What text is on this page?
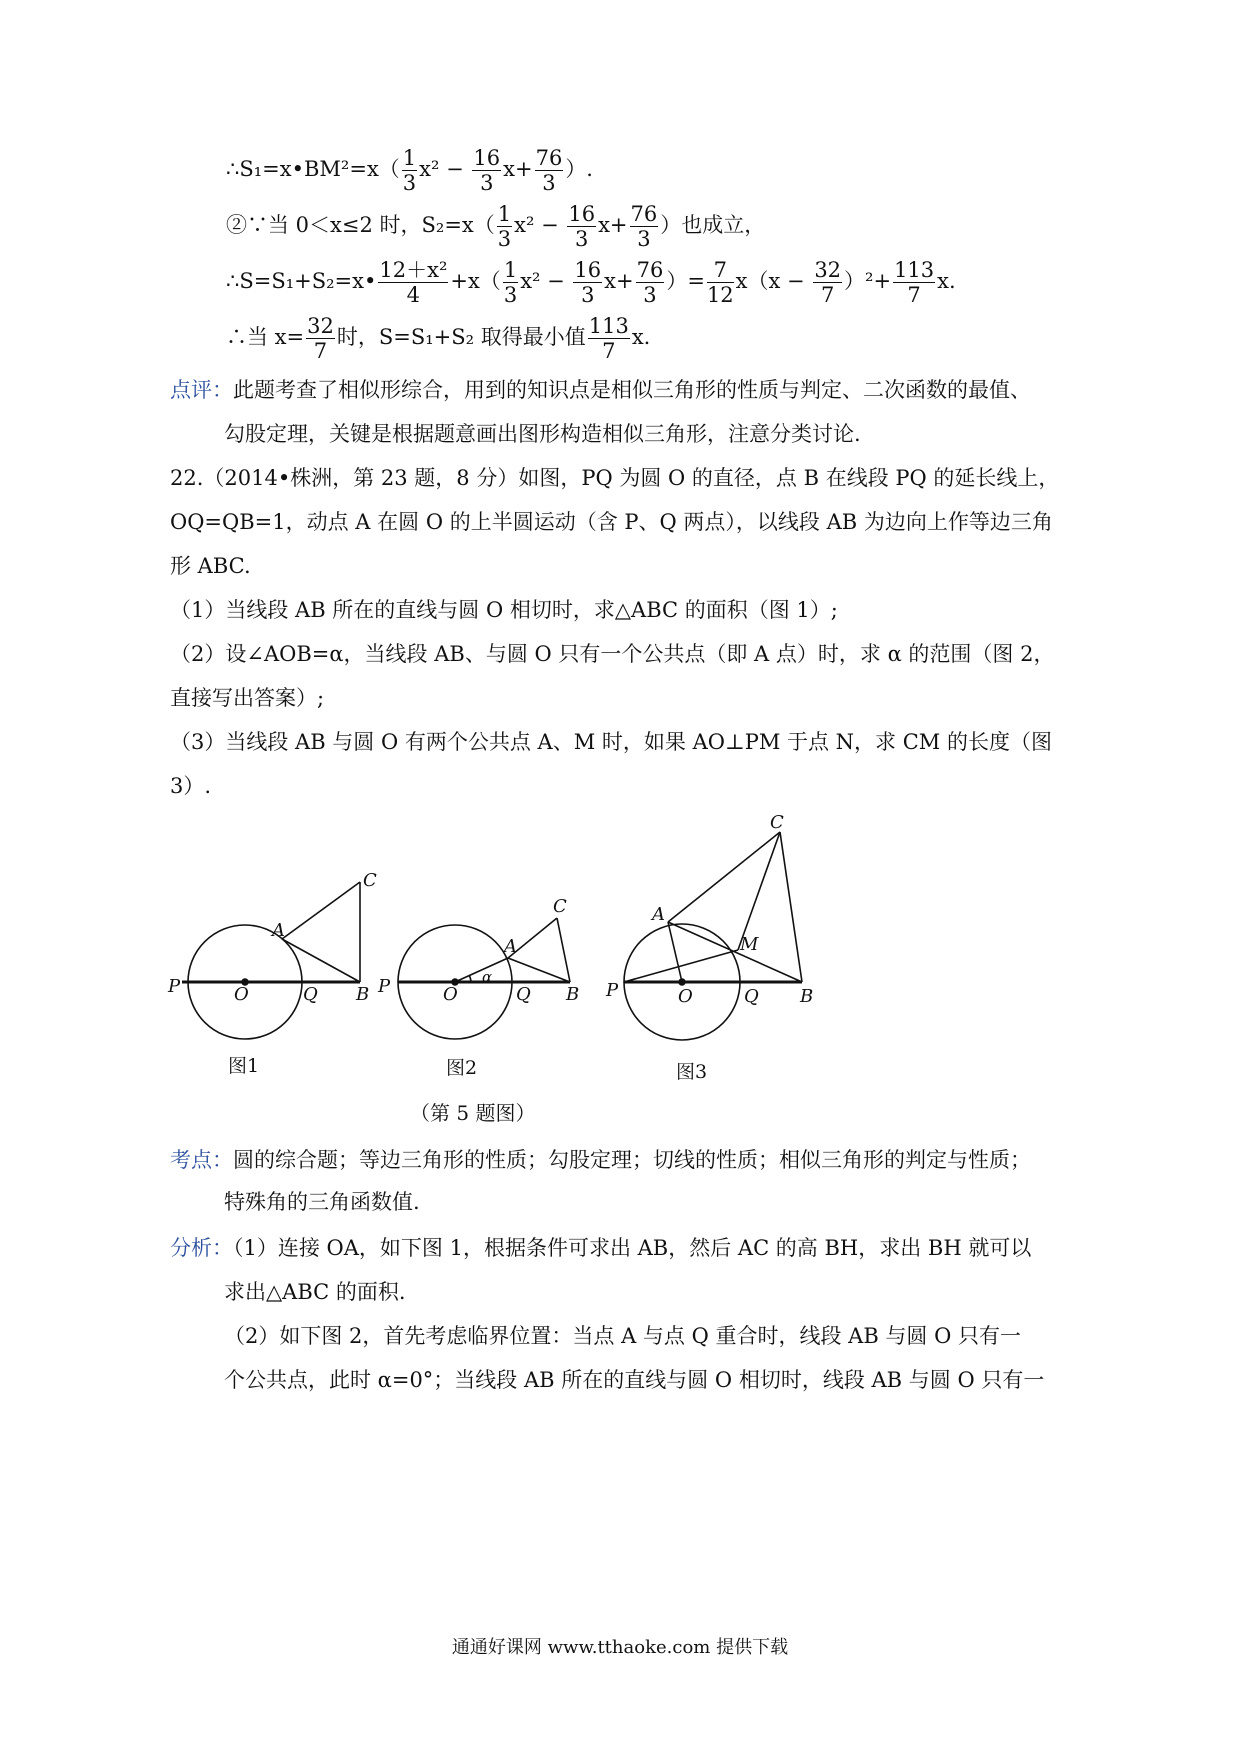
∴S₁=x•BM²=x（ $\frac{1}{3} x^2 - \frac{16}{3} x+ \frac{76}{3}$ ）.
②∵当 0＜x≤2 时，$S_2=x( \frac{1}{3} x^2 - \frac{16}{3} x+ \frac{76}{3}$ ）也成立，
∴S=S₁+S₂=x• $\frac{\text{12＋x²}}{4} +x( \frac{1}{3} x^2 - \frac{16}{3} x+ \frac{76}{3}$ ）= $\frac{7}{12} x(x - \frac{32}{7} )^2+ \frac{113}{7} x$.
∴当 $x= \frac{32}{7}$ 时，S=S₁+S₂ 取得最小值 $\frac{113}{7} x$.
点评：此题考查了相似形综合，用到的知识点是相似三角形的性质与判定、二次函数的最值、
勾股定理，关键是根据题意画出图形构造相似三角形，注意分类讨论.
22.（2014•株洲，第 23 题，8 分）如图，PQ 为圆 O 的直径，点 B 在线段 PQ 的延长线上，
OQ=QB=1，动点 A 在圆 O 的上半圆运动（含 P、Q 两点），以线段 AB 为边向上作等边三角
形 ABC.
（1）当线段 AB 所在的直线与圆 O 相切时，求△ABC 的面积（图 1）;
（2）设∠AOB=α，当线段 AB、与圆 O 只有一个公共点（即 A 点）时，求 α 的范围（图 2，
直接写出答案）;
（3）当线段 AB 与圆 O 有两个公共点 A、M 时，如果 AO⊥PM 于点 N，求 CM 的长度（图
3）.
C
A
P	O	Q B
C
A
α
P	O	Q B
C
A
M
P	O	Q B
图1	图2	图3
（第 5 题图）
考点：圆的综合题；等边三角形的性质；勾股定理；切线的性质；相似三角形的判定与性质；
特殊角的三角函数值.
分析：（1）连接 OA，如下图 1，根据条件可求出 AB，然后 AC 的高 BH，求出 BH 就可以
求出△ABC 的面积.
（2）如下图 2，首先考虑临界位置：当点 A 与点 Q 重合时，线段 AB 与圆 O 只有一
个公共点，此时 α=0°；当线段 AB 所在的直线与圆 O 相切时，线段 AB 与圆 O 只有一
通通好课网 www.tthaoke.com 提供下载
